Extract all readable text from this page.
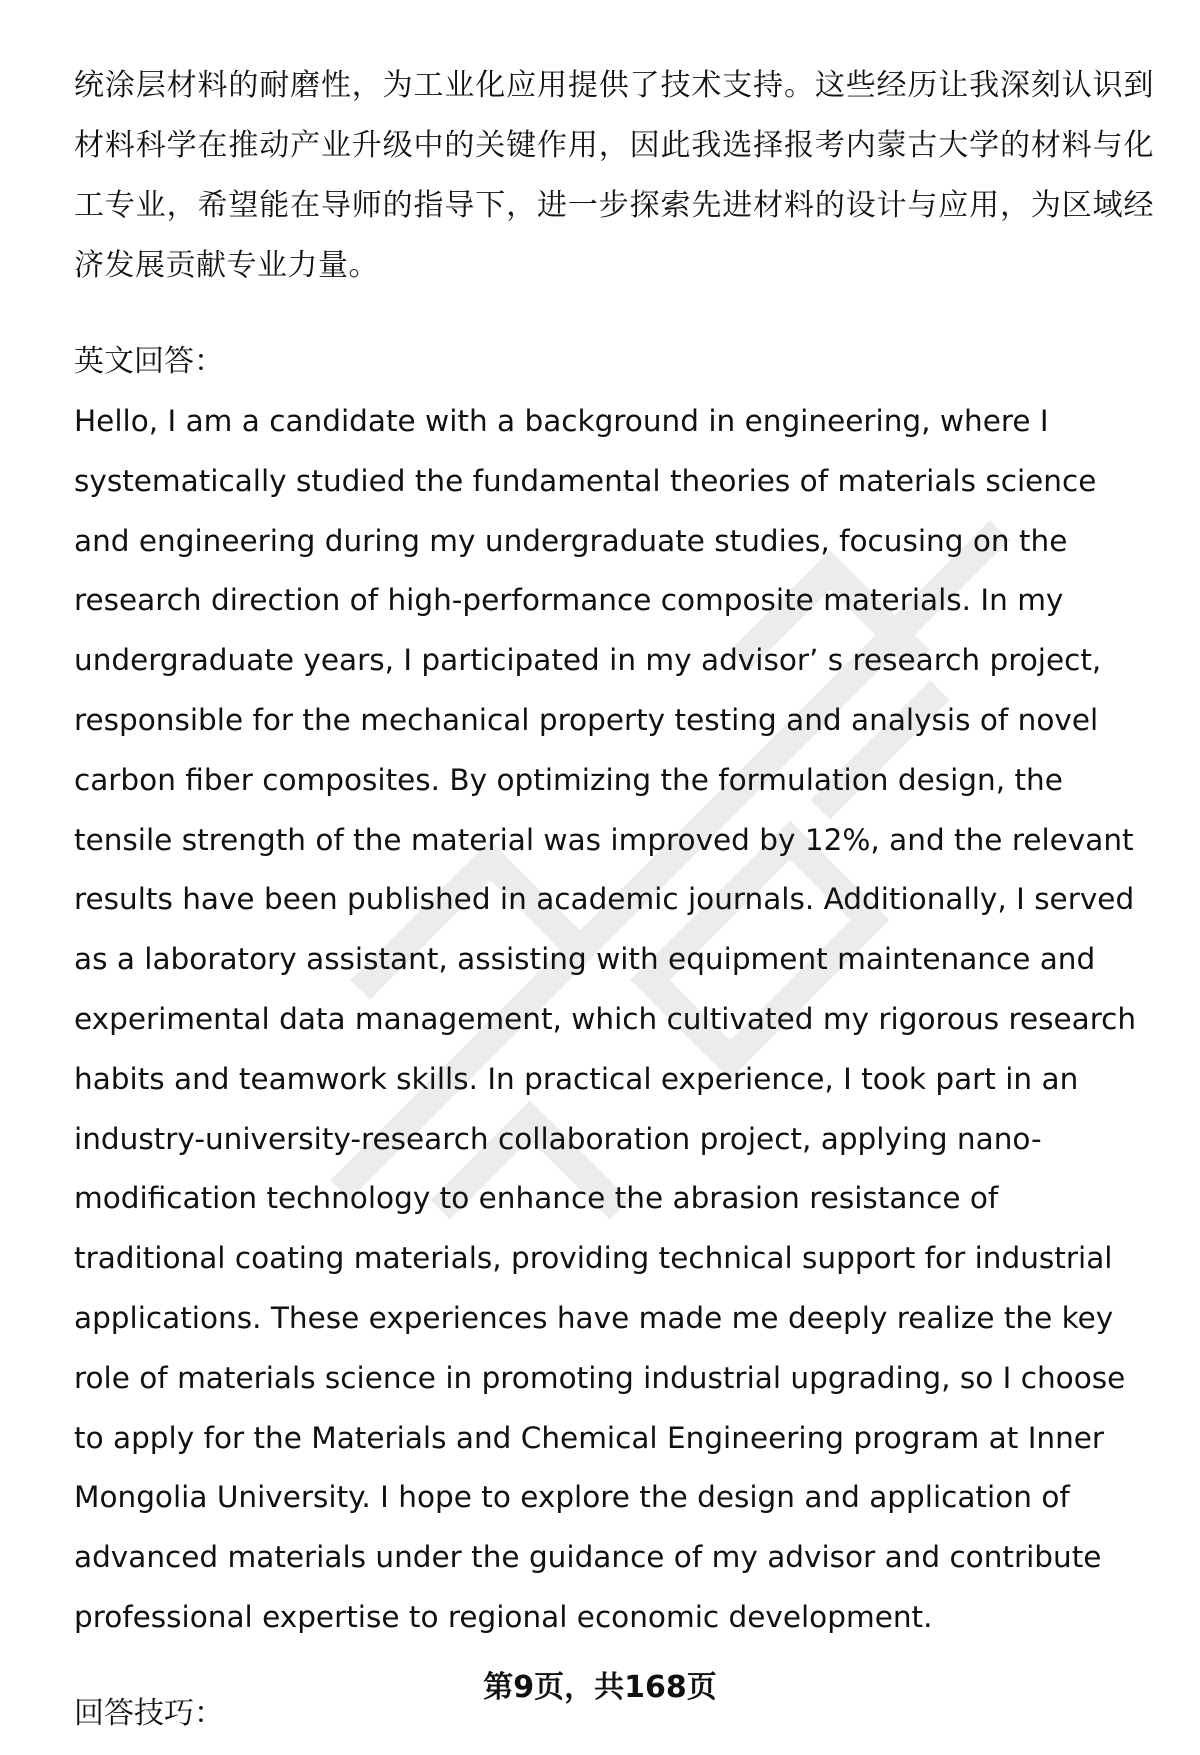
统涂层材料的耐磨性，为工业化应用提供了技术支持。这些经历让我深刻认识到材料科学在推动产业升级中的关键作用，因此我选择报考内蒙古大学的材料与化工专业，希望能在导师的指导下，进一步探索先进材料的设计与应用，为区域经济发展贡献专业力量。

英文回答：

Hello, I am a candidate with a background in engineering, where I systematically studied the fundamental theories of materials science and engineering during my undergraduate studies, focusing on the research direction of high-performance composite materials. In my undergraduate years, I participated in my advisor’ s research project, responsible for the mechanical property testing and analysis of novel carbon fiber composites. By optimizing the formulation design, the tensile strength of the material was improved by 12%, and the relevant results have been published in academic journals. Additionally, I served as a laboratory assistant, assisting with equipment maintenance and experimental data management, which cultivated my rigorous research habits and teamwork skills. In practical experience, I took part in an industry-university-research collaboration project, applying nano-modification technology to enhance the abrasion resistance of traditional coating materials, providing technical support for industrial applications. These experiences have made me deeply realize the key role of materials science in promoting industrial upgrading, so I choose to apply for the Materials and Chemical Engineering program at Inner Mongolia University. I hope to explore the design and application of advanced materials under the guidance of my advisor and contribute professional expertise to regional economic development.

回答技巧：

第9页，共168页
